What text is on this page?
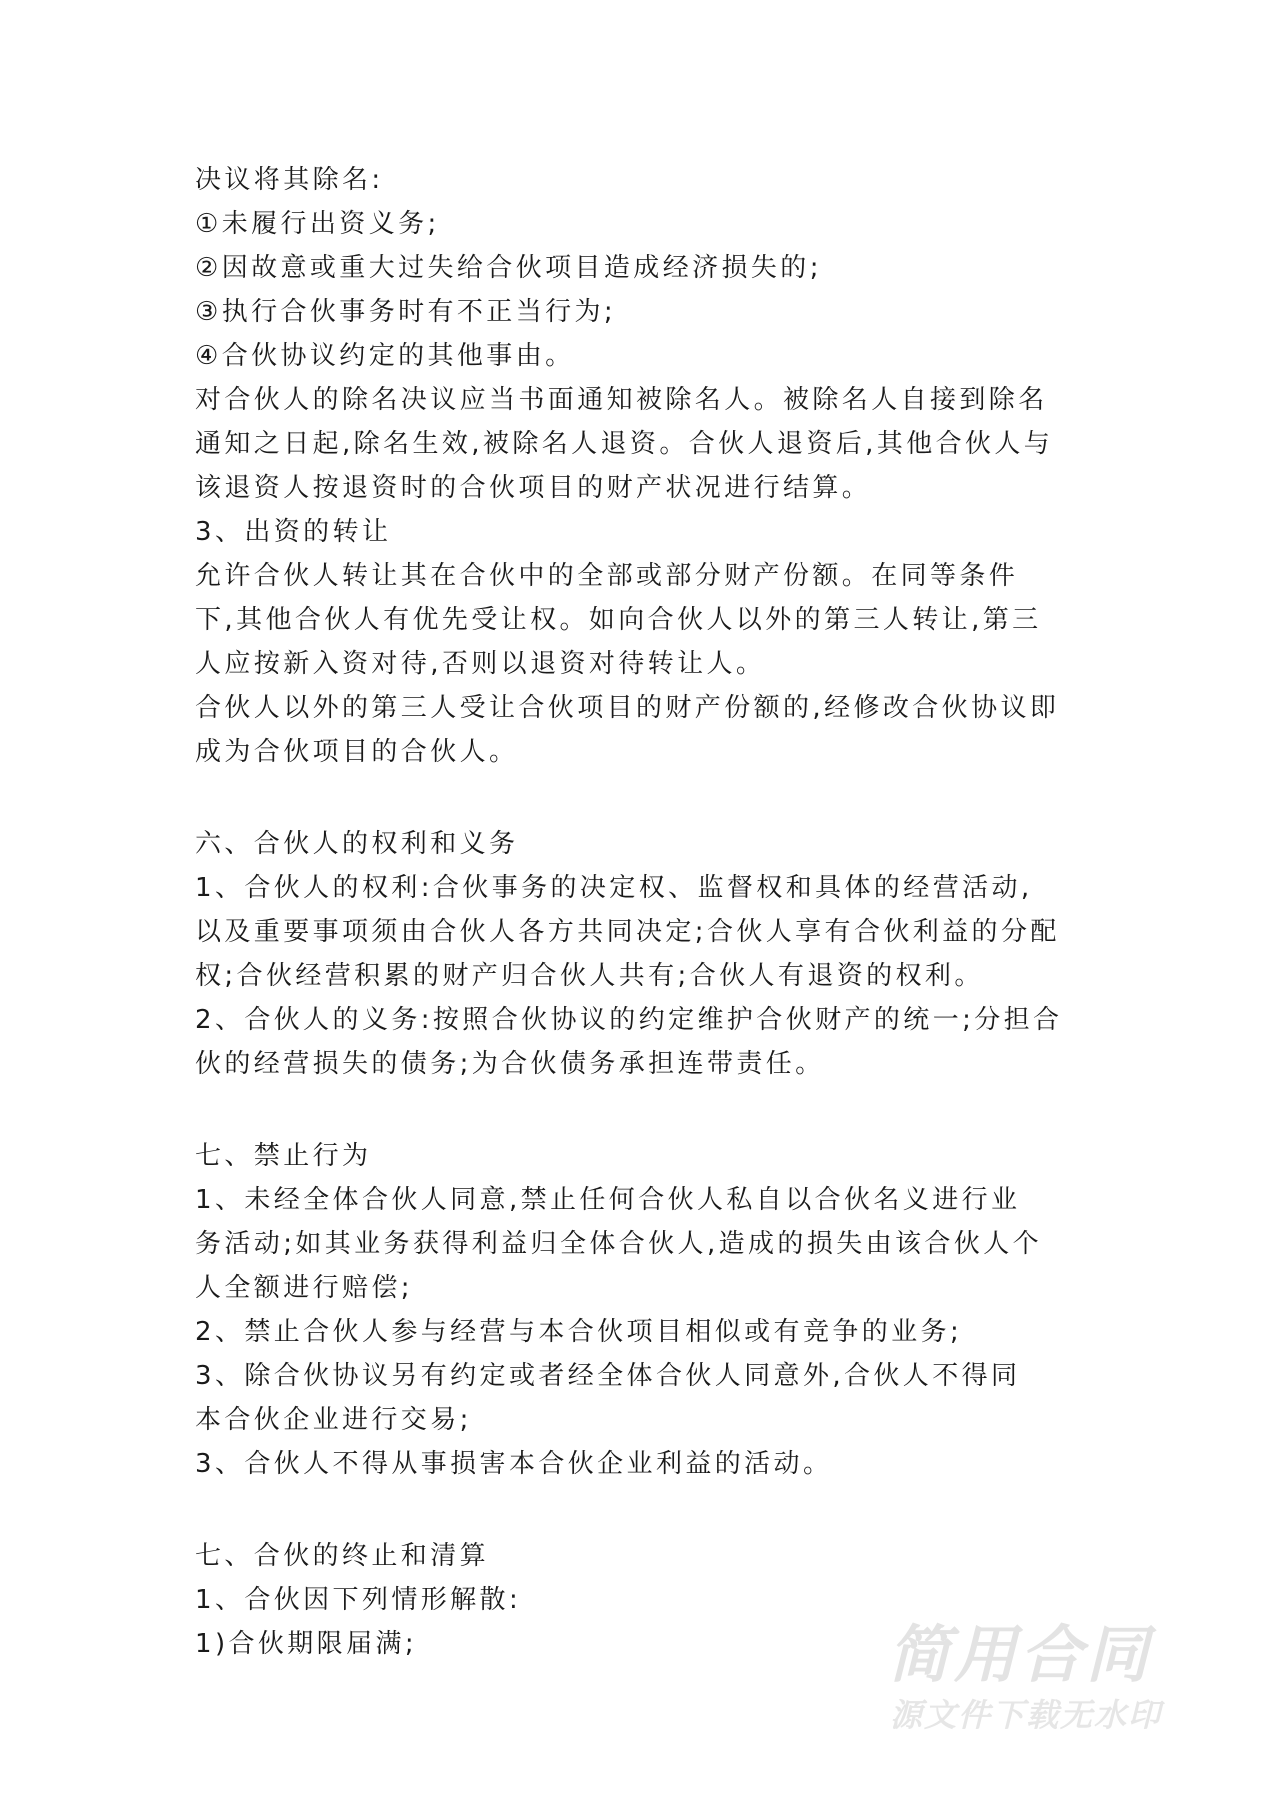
决议将其除名:
①未履行出资义务;
②因故意或重大过失给合伙项目造成经济损失的;
③执行合伙事务时有不正当行为;
④合伙协议约定的其他事由。
对合伙人的除名决议应当书面通知被除名人。被除名人自接到除名
通知之日起,除名生效,被除名人退资。合伙人退资后,其他合伙人与
该退资人按退资时的合伙项目的财产状况进行结算。
3、出资的转让
允许合伙人转让其在合伙中的全部或部分财产份额。在同等条件
下,其他合伙人有优先受让权。如向合伙人以外的第三人转让,第三
人应按新入资对待,否则以退资对待转让人。
合伙人以外的第三人受让合伙项目的财产份额的,经修改合伙协议即
成为合伙项目的合伙人。
六、合伙人的权利和义务
1、合伙人的权利:合伙事务的决定权、监督权和具体的经营活动,
以及重要事项须由合伙人各方共同决定;合伙人享有合伙利益的分配
权;合伙经营积累的财产归合伙人共有;合伙人有退资的权利。
2、合伙人的义务:按照合伙协议的约定维护合伙财产的统一;分担合
伙的经营损失的债务;为合伙债务承担连带责任。
七、禁止行为
1、未经全体合伙人同意,禁止任何合伙人私自以合伙名义进行业
务活动;如其业务获得利益归全体合伙人,造成的损失由该合伙人个
人全额进行赔偿;
2、禁止合伙人参与经营与本合伙项目相似或有竞争的业务;
3、除合伙协议另有约定或者经全体合伙人同意外,合伙人不得同
本合伙企业进行交易;
3、合伙人不得从事损害本合伙企业利益的活动。
七、合伙的终止和清算
1、合伙因下列情形解散:
1)合伙期限届满;	简用合同
源文件下载无水印
